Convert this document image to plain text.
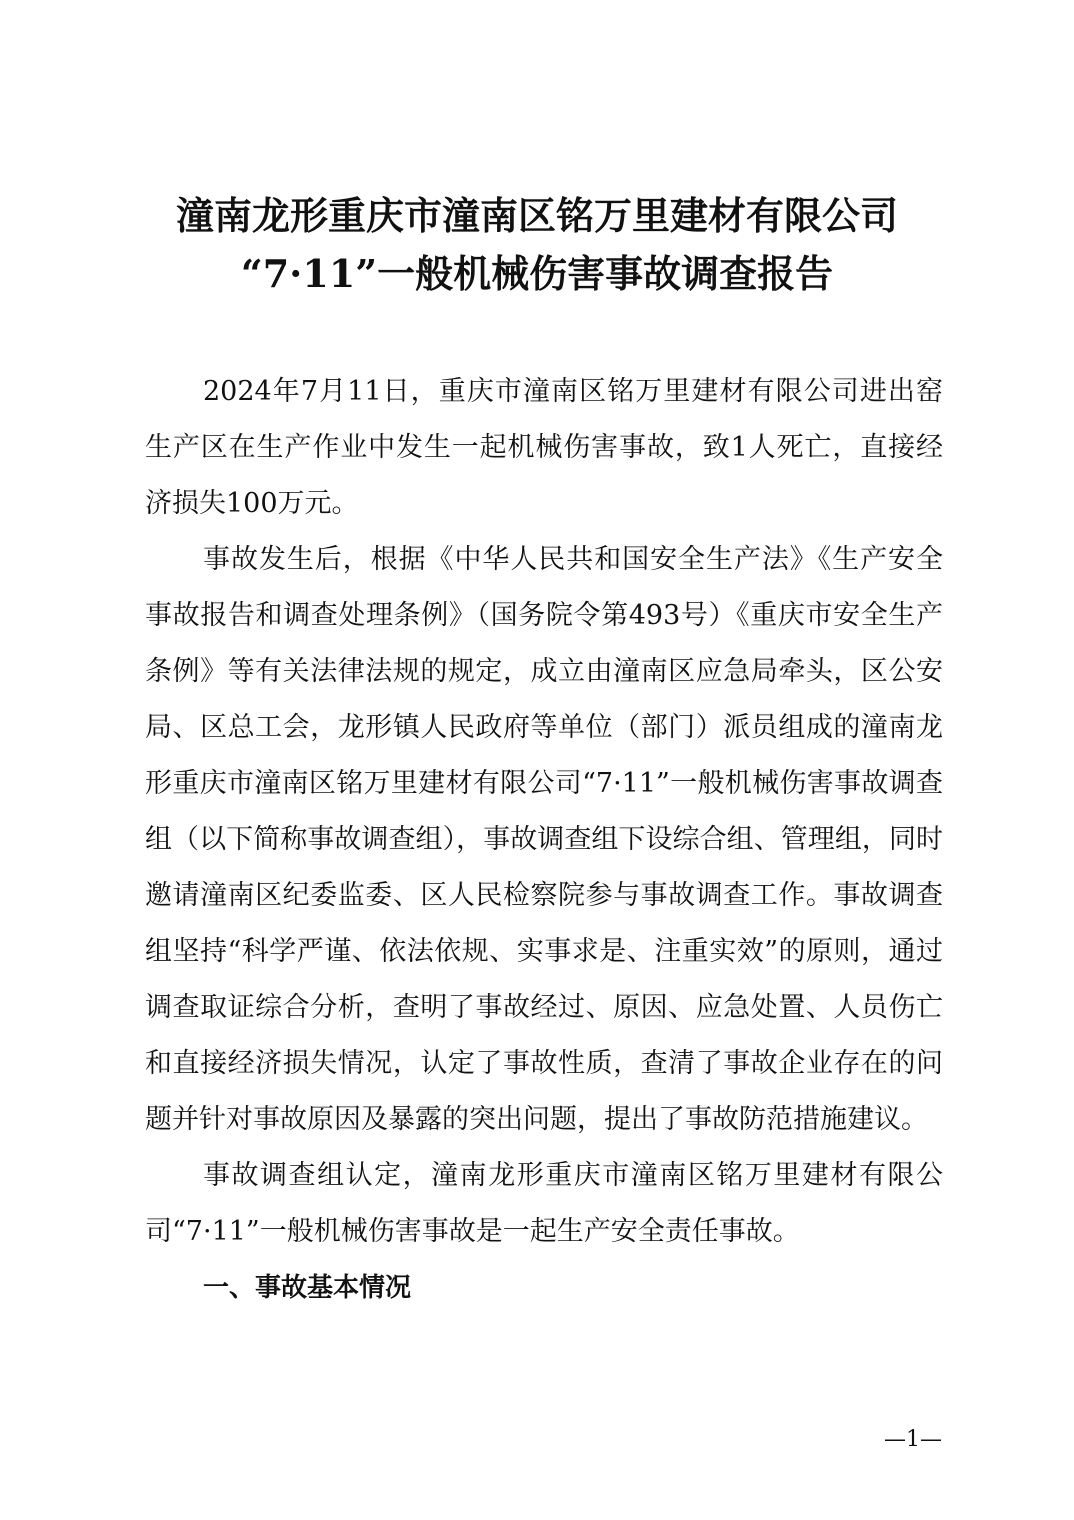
潼南龙形重庆市潼南区铭万里建材有限公司
“7·11”一般机械伤害事故调查报告

2024年7月11日，重庆市潼南区铭万里建材有限公司进出窑生产区在生产作业中发生一起机械伤害事故，致1人死亡，直接经济损失100万元。

事故发生后，根据《中华人民共和国安全生产法》《生产安全事故报告和调查处理条例》（国务院令第493号）《重庆市安全生产条例》等有关法律法规的规定，成立由潼南区应急局牵头，区公安局、区总工会，龙形镇人民政府等单位（部门）派员组成的潼南龙形重庆市潼南区铭万里建材有限公司“7·11”一般机械伤害事故调查组（以下简称事故调查组），事故调查组下设综合组、管理组，同时邀请潼南区纪委监委、区人民检察院参与事故调查工作。事故调查组坚持“科学严谨、依法依规、实事求是、注重实效”的原则，通过调查取证综合分析，查明了事故经过、原因、应急处置、人员伤亡和直接经济损失情况，认定了事故性质，查清了事故企业存在的问题并针对事故原因及暴露的突出问题，提出了事故防范措施建议。

事故调查组认定，潼南龙形重庆市潼南区铭万里建材有限公司“7·11”一般机械伤害事故是一起生产安全责任事故。

一、事故基本情况
—1—
